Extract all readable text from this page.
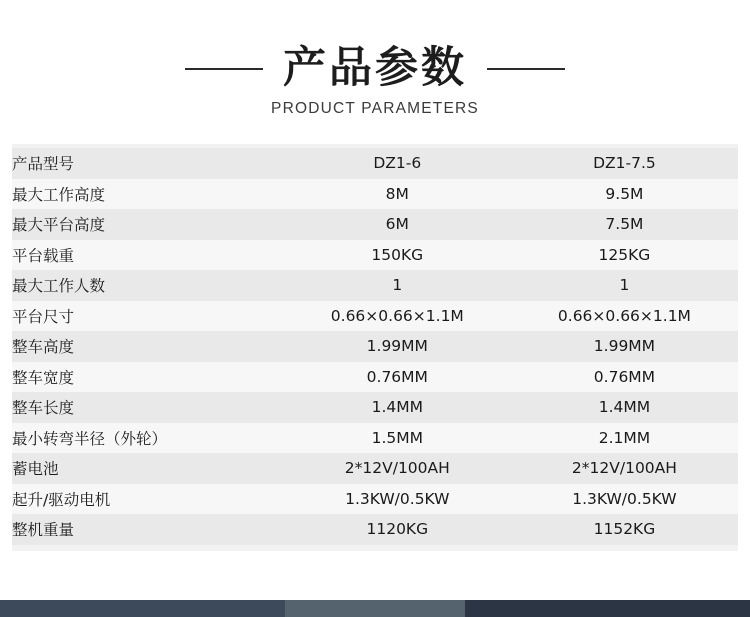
产品参数
PRODUCT PARAMETERS
产品型号	DZ1-6	DZ1-7.5
最大工作高度	8M	9.5M
最大平台高度	6M	7.5M
平台载重	150KG	125KG
最大工作人数	1	1
平台尺寸	0.66×0.66×1.1M	0.66×0.66×1.1M
整车高度	1.99MM	1.99MM
整车宽度	0.76MM	0.76MM
整车长度	1.4MM	1.4MM
最小转弯半径（外轮）	1.5MM	2.1MM
蓄电池	2*12V/100AH	2*12V/100AH
起升/驱动电机	1.3KW/0.5KW	1.3KW/0.5KW
整机重量	1120KG	1152KG
